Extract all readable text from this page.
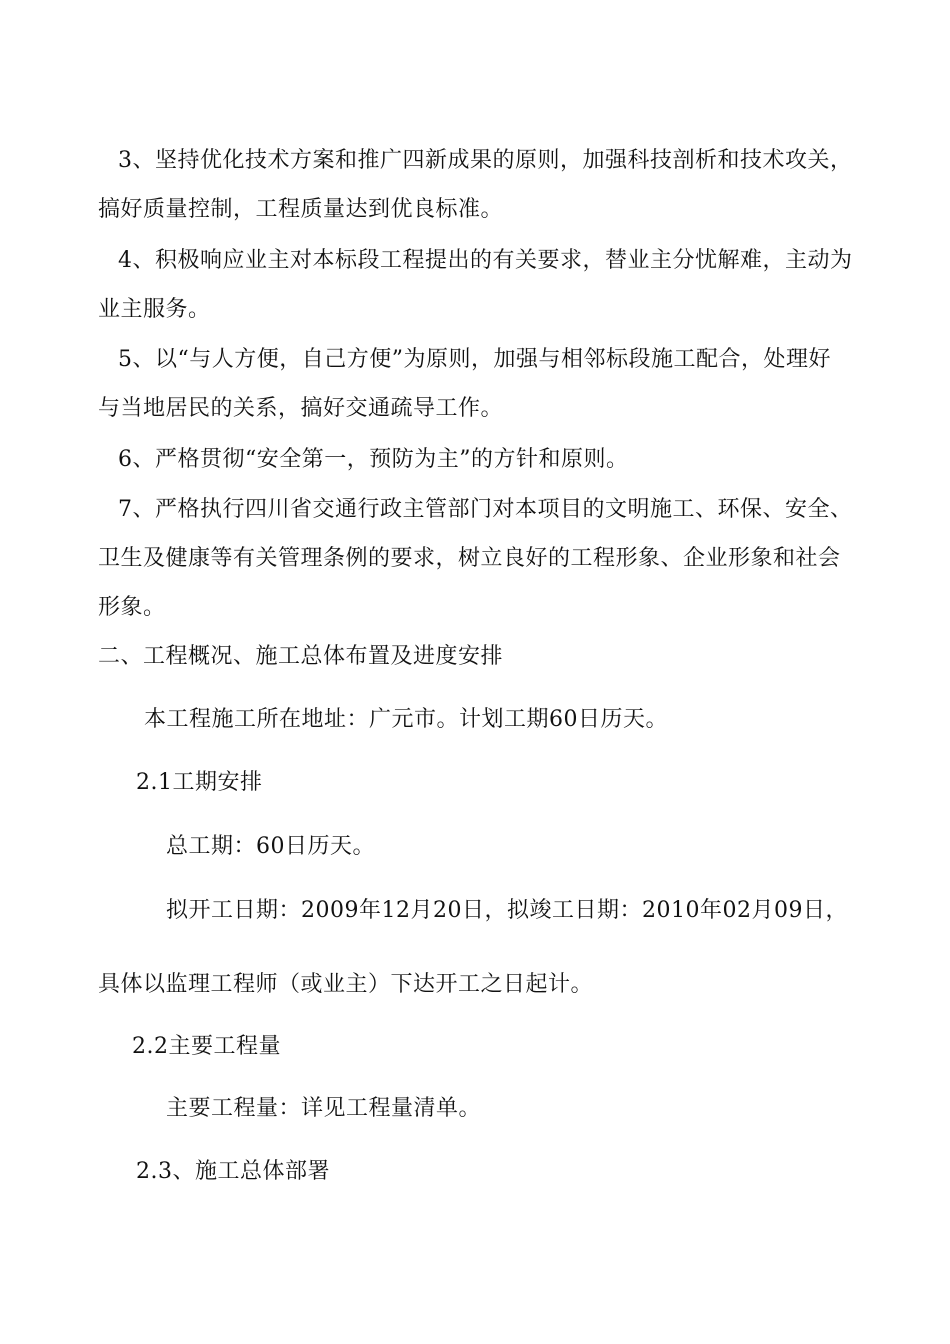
3、坚持优化技术方案和推广四新成果的原则，加强科技剖析和技术攻关，

搞好质量控制，工程质量达到优良标准。

4、积极响应业主对本标段工程提出的有关要求，替业主分忧解难，主动为

业主服务。

5、以“与人方便，自己方便”为原则，加强与相邻标段施工配合，处理好

与当地居民的关系，搞好交通疏导工作。

6、严格贯彻“安全第一，预防为主”的方针和原则。

7、严格执行四川省交通行政主管部门对本项目的文明施工、环保、安全、

卫生及健康等有关管理条例的要求，树立良好的工程形象、企业形象和社会

形象。

二、工程概况、施工总体布置及进度安排

本工程施工所在地址：广元市。计划工期60日历天。

2.1工期安排

总工期：60日历天。

拟开工日期：2009年12月20日，拟竣工日期：2010年02月09日，

具体以监理工程师（或业主）下达开工之日起计。

2.2主要工程量

主要工程量：详见工程量清单。

2.3、施工总体部署
